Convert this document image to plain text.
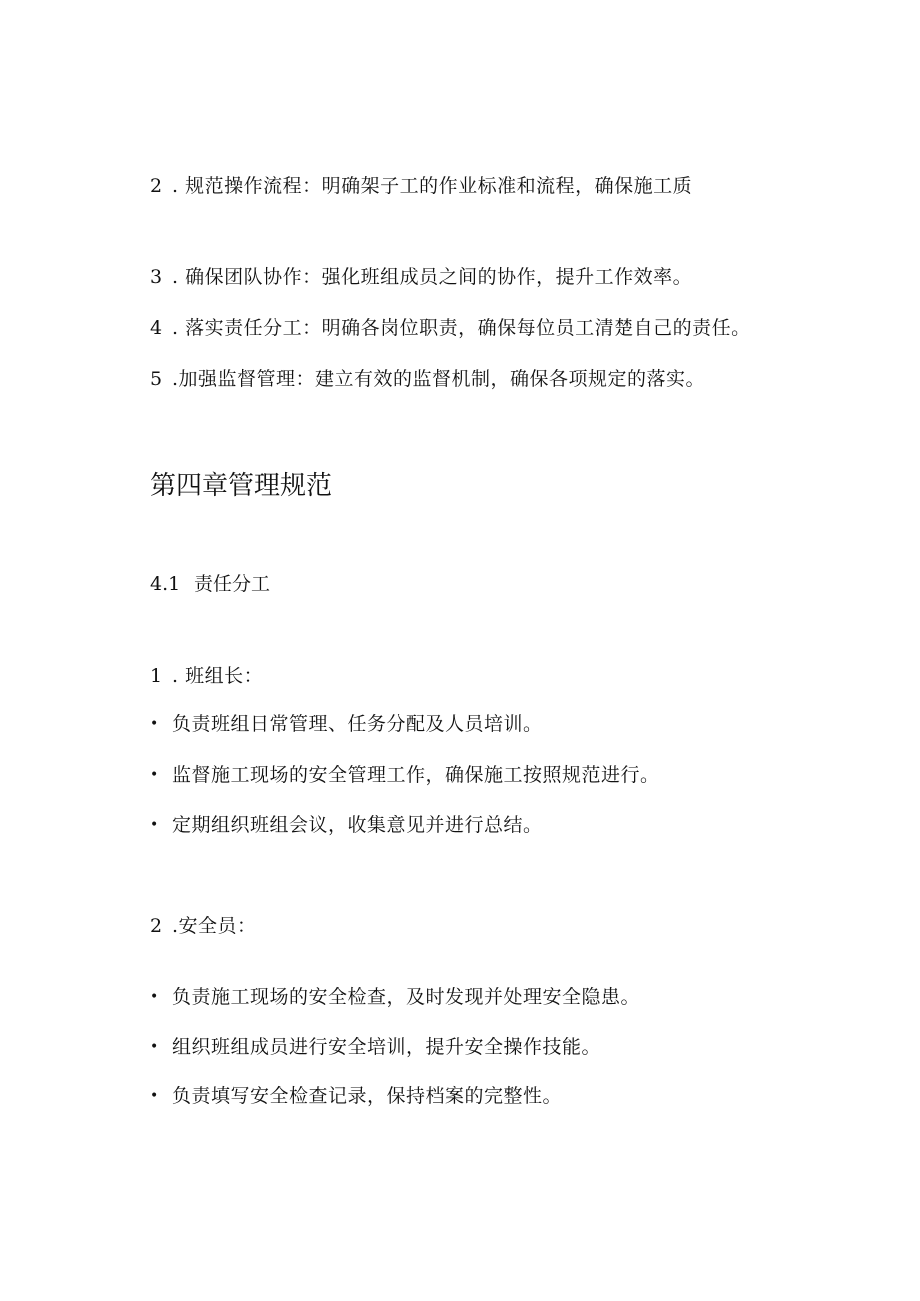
2 . 规范操作流程：明确架子工的作业标准和流程，确保施工质
3 . 确保团队协作：强化班组成员之间的协作，提升工作效率。
4 . 落实责任分工：明确各岗位职责，确保每位员工清楚自己的责任。
5 .加强监督管理：建立有效的监督机制，确保各项规定的落实。
第四章管理规范
4.1 责任分工
1 . 班组长：
• 负责班组日常管理、任务分配及人员培训。
• 监督施工现场的安全管理工作，确保施工按照规范进行。
• 定期组织班组会议，收集意见并进行总结。
2 .安全员：
• 负责施工现场的安全检查，及时发现并处理安全隐患。
• 组织班组成员进行安全培训，提升安全操作技能。
• 负责填写安全检查记录，保持档案的完整性。
